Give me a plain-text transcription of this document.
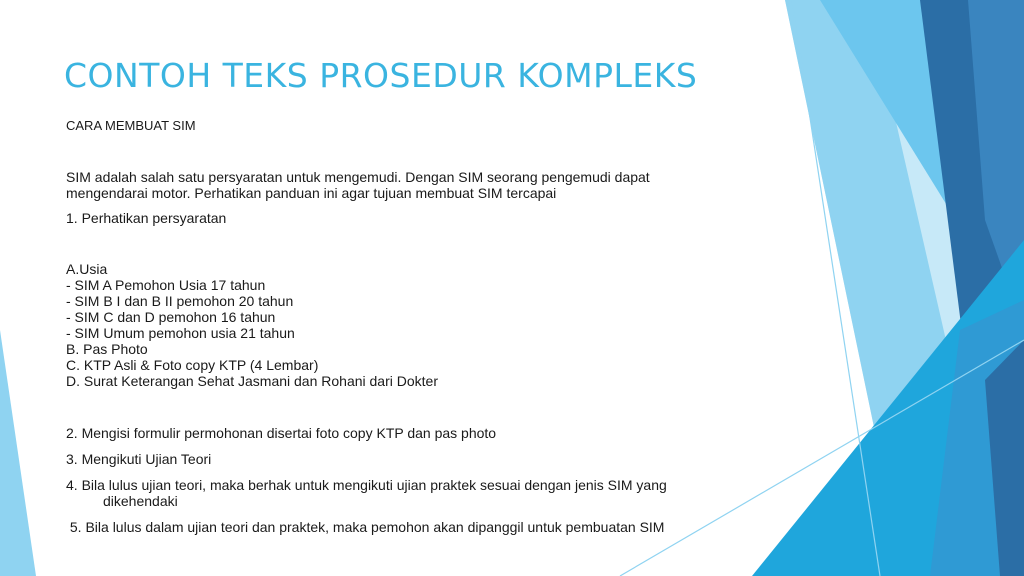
CONTOH TEKS PROSEDUR KOMPLEKS
CARA MEMBUAT SIM
SIM adalah salah satu persyaratan untuk mengemudi. Dengan SIM seorang pengemudi dapat
mengendarai motor. Perhatikan panduan ini agar tujuan membuat SIM tercapai
1. Perhatikan persyaratan
A.Usia
- SIM A Pemohon Usia 17 tahun
- SIM B I dan B II pemohon 20 tahun
- SIM C dan D pemohon 16 tahun
- SIM Umum pemohon usia 21 tahun
B. Pas Photo
C. KTP Asli & Foto copy KTP (4 Lembar)
D. Surat Keterangan Sehat Jasmani dan Rohani dari Dokter
2. Mengisi formulir permohonan disertai foto copy KTP dan pas photo
3. Mengikuti Ujian Teori
4. Bila lulus ujian teori, maka berhak untuk mengikuti ujian praktek sesuai dengan jenis SIM yang
dikehendaki
5. Bila lulus dalam ujian teori dan praktek, maka pemohon akan dipanggil untuk pembuatan SIM
